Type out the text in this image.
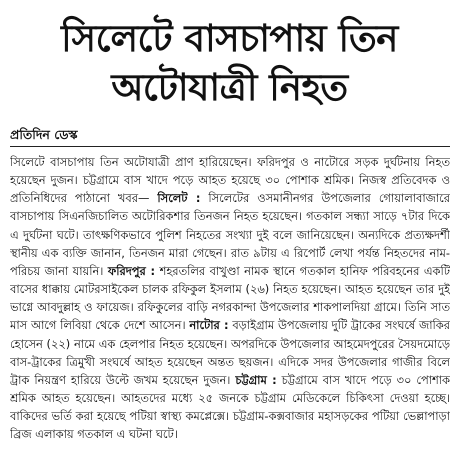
সিলেটে বাসচাপায় তিন
অটোযাত্রী নিহত
প্রতিদিন ডেস্ক

সিলেটে বাসচাপায় তিন অটোযাত্রী প্রাণ হারিয়েছেন। ফরিদপুর ও নাটোরে সড়ক দুর্ঘটনায় নিহত হয়েছেন দুজন। চট্টগ্রামে বাস খাদে পড়ে আহত হয়েছে ৩০ পোশাক শ্রমিক। নিজস্ব প্রতিবেদক ও প্রতিনিধিদের পাঠানো খবর— সিলেট : সিলেটের ওসমানীনগর উপজেলার গোয়ালাবাজারে বাসচাপায় সিএনজিচালিত অটোরিকশার তিনজন নিহত হয়েছেন। গতকাল সন্ধ্যা সাড়ে ৭টার দিকে এ দুর্ঘটনা ঘটে। তাৎক্ষণিকভাবে পুলিশ নিহতের সংখ্যা দুই বলে জানিয়েছেন। অন্যদিকে প্রত্যক্ষদর্শী স্থানীয় এক ব্যক্তি জানান, তিনজন মারা গেছেন। রাত ৯টায় এ রিপোর্ট লেখা পর্যন্ত নিহতদের নাম-পরিচয় জানা যায়নি। ফরিদপুর : শহরতলির বাখুণ্ডা নামক স্থানে গতকাল হানিফ পরিবহনের একটি বাসের ধাক্কায় মোটরসাইকেল চালক রফিকুল ইসলাম (২৬) নিহত হয়েছেন। আহত হয়েছেন তার দুই ভাগ্নে আবদুল্লাহ ও ফায়েজ। রফিকুলের বাড়ি নগরকান্দা উপজেলার শাকপালদিয়া গ্রামে। তিনি সাত মাস আগে লিবিয়া থেকে দেশে আসেন। নাটোর : বড়াইগ্রাম উপজেলায় দুটি ট্রাকের সংঘর্ষে জাকির হোসেন (২২) নামে এক হেলপার নিহত হয়েছেন। অপরদিকে উপজেলার আহমেদপুরের সৈয়দমোড়ে বাস-ট্রাকের ত্রিমুখী সংঘর্ষে আহত হয়েছেন অন্তত ছয়জন। এদিকে সদর উপজেলার গাজীর বিলে ট্রাক নিয়ন্ত্রণ হারিয়ে উল্টে জখম হয়েছেন দুজন। চট্টগ্রাম : চট্টগ্রামে বাস খাদে পড়ে ৩০ পোশাক শ্রমিক আহত হয়েছেন। আহতদের মধ্যে ২৫ জনকে চট্টগ্রাম মেডিকেলে চিকিৎসা দেওয়া হচ্ছে। বাকিদের ভর্তি করা হয়েছে পটিয়া স্বাস্থ্য কমপ্লেক্সে। চট্টগ্রাম-কক্সবাজার মহাসড়কের পটিয়া ভেল্লাপাড়া ব্রিজ এলাকায় গতকাল এ ঘটনা ঘটে।
